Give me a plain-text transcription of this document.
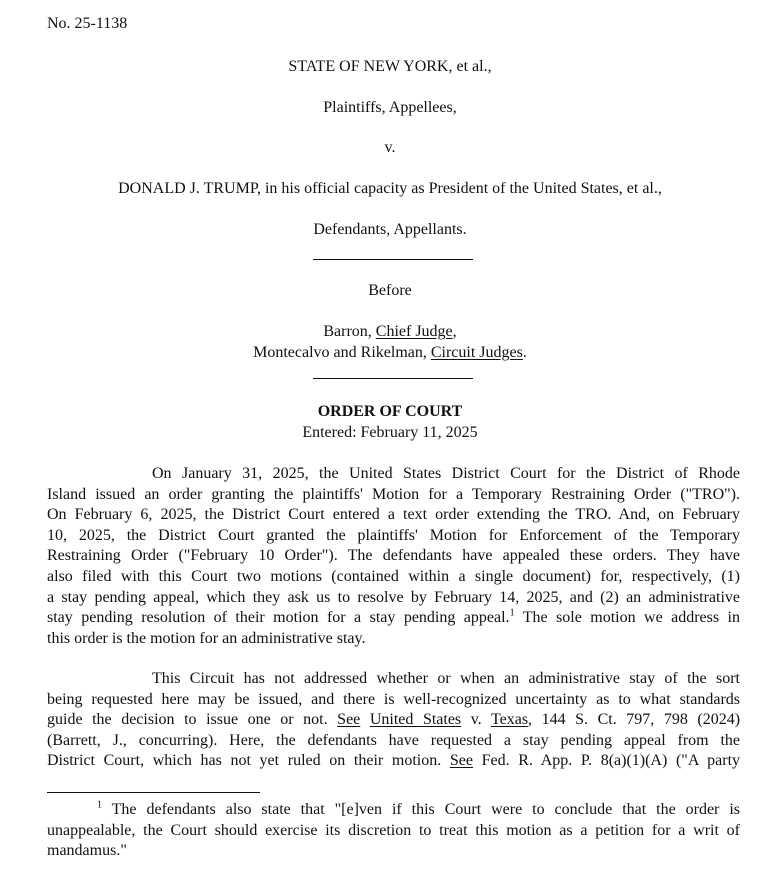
No. 25-1138
STATE OF NEW YORK, et al.,
Plaintiffs, Appellees,
v.
DONALD J. TRUMP, in his official capacity as President of the United States, et al.,
Defendants, Appellants.
Before
Barron, Chief Judge,
Montecalvo and Rikelman, Circuit Judges.
ORDER OF COURT
Entered: February 11, 2025
On January 31, 2025, the United States District Court for the District of Rhode
Island issued an order granting the plaintiffs' Motion for a Temporary Restraining Order ("TRO").
On February 6, 2025, the District Court entered a text order extending the TRO. And, on February
10, 2025, the District Court granted the plaintiffs' Motion for Enforcement of the Temporary
Restraining Order ("February 10 Order"). The defendants have appealed these orders. They have
also filed with this Court two motions (contained within a single document) for, respectively, (1)
a stay pending appeal, which they ask us to resolve by February 14, 2025, and (2) an administrative
stay pending resolution of their motion for a stay pending appeal.$^1$ The sole motion we address in
this order is the motion for an administrative stay.
This Circuit has not addressed whether or when an administrative stay of the sort
being requested here may be issued, and there is well-recognized uncertainty as to what standards
guide the decision to issue one or not. See United States v. Texas, 144 S. Ct. 797, 798 (2024)
(Barrett, J., concurring). Here, the defendants have requested a stay pending appeal from the
District Court, which has not yet ruled on their motion. See Fed. R. App. P. 8(a)(1)(A) ("A party
$^1$ The defendants also state that "[e]ven if this Court were to conclude that the order is
unappealable, the Court should exercise its discretion to treat this motion as a petition for a writ of
mandamus."
